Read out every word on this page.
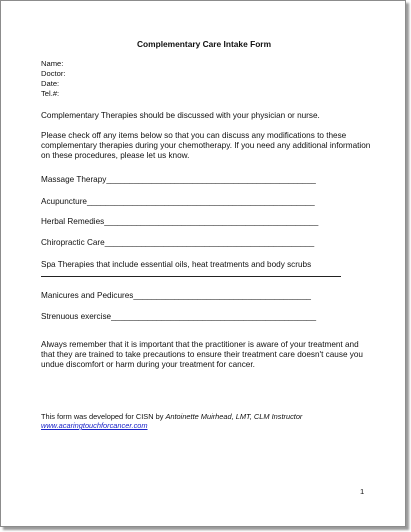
Complementary Care Intake Form
Name:
Doctor:
Date:
Tel.#:
Complementary Therapies should be discussed with your physician or nurse.
Please check off any items below so that you can discuss any modifications to these complementary therapies during your chemotherapy. If you need any additional information on these procedures, please let us know.
Massage Therapy______________________________________________
Acupuncture__________________________________________________
Herbal Remedies_______________________________________________
Chiropractic Care______________________________________________
Spa Therapies that include essential oils, heat treatments and body scrubs
Manicures and Pedicures_______________________________________
Strenuous exercise_____________________________________________
Always remember that it is important that the practitioner is aware of your treatment and that they are trained to take precautions to ensure their treatment care doesn't cause you undue discomfort or harm during your treatment for cancer.
This form was developed for CISN by Antoinette Muirhead, LMT, CLM Instructor
www.acaringtouchforcancer.com
1
